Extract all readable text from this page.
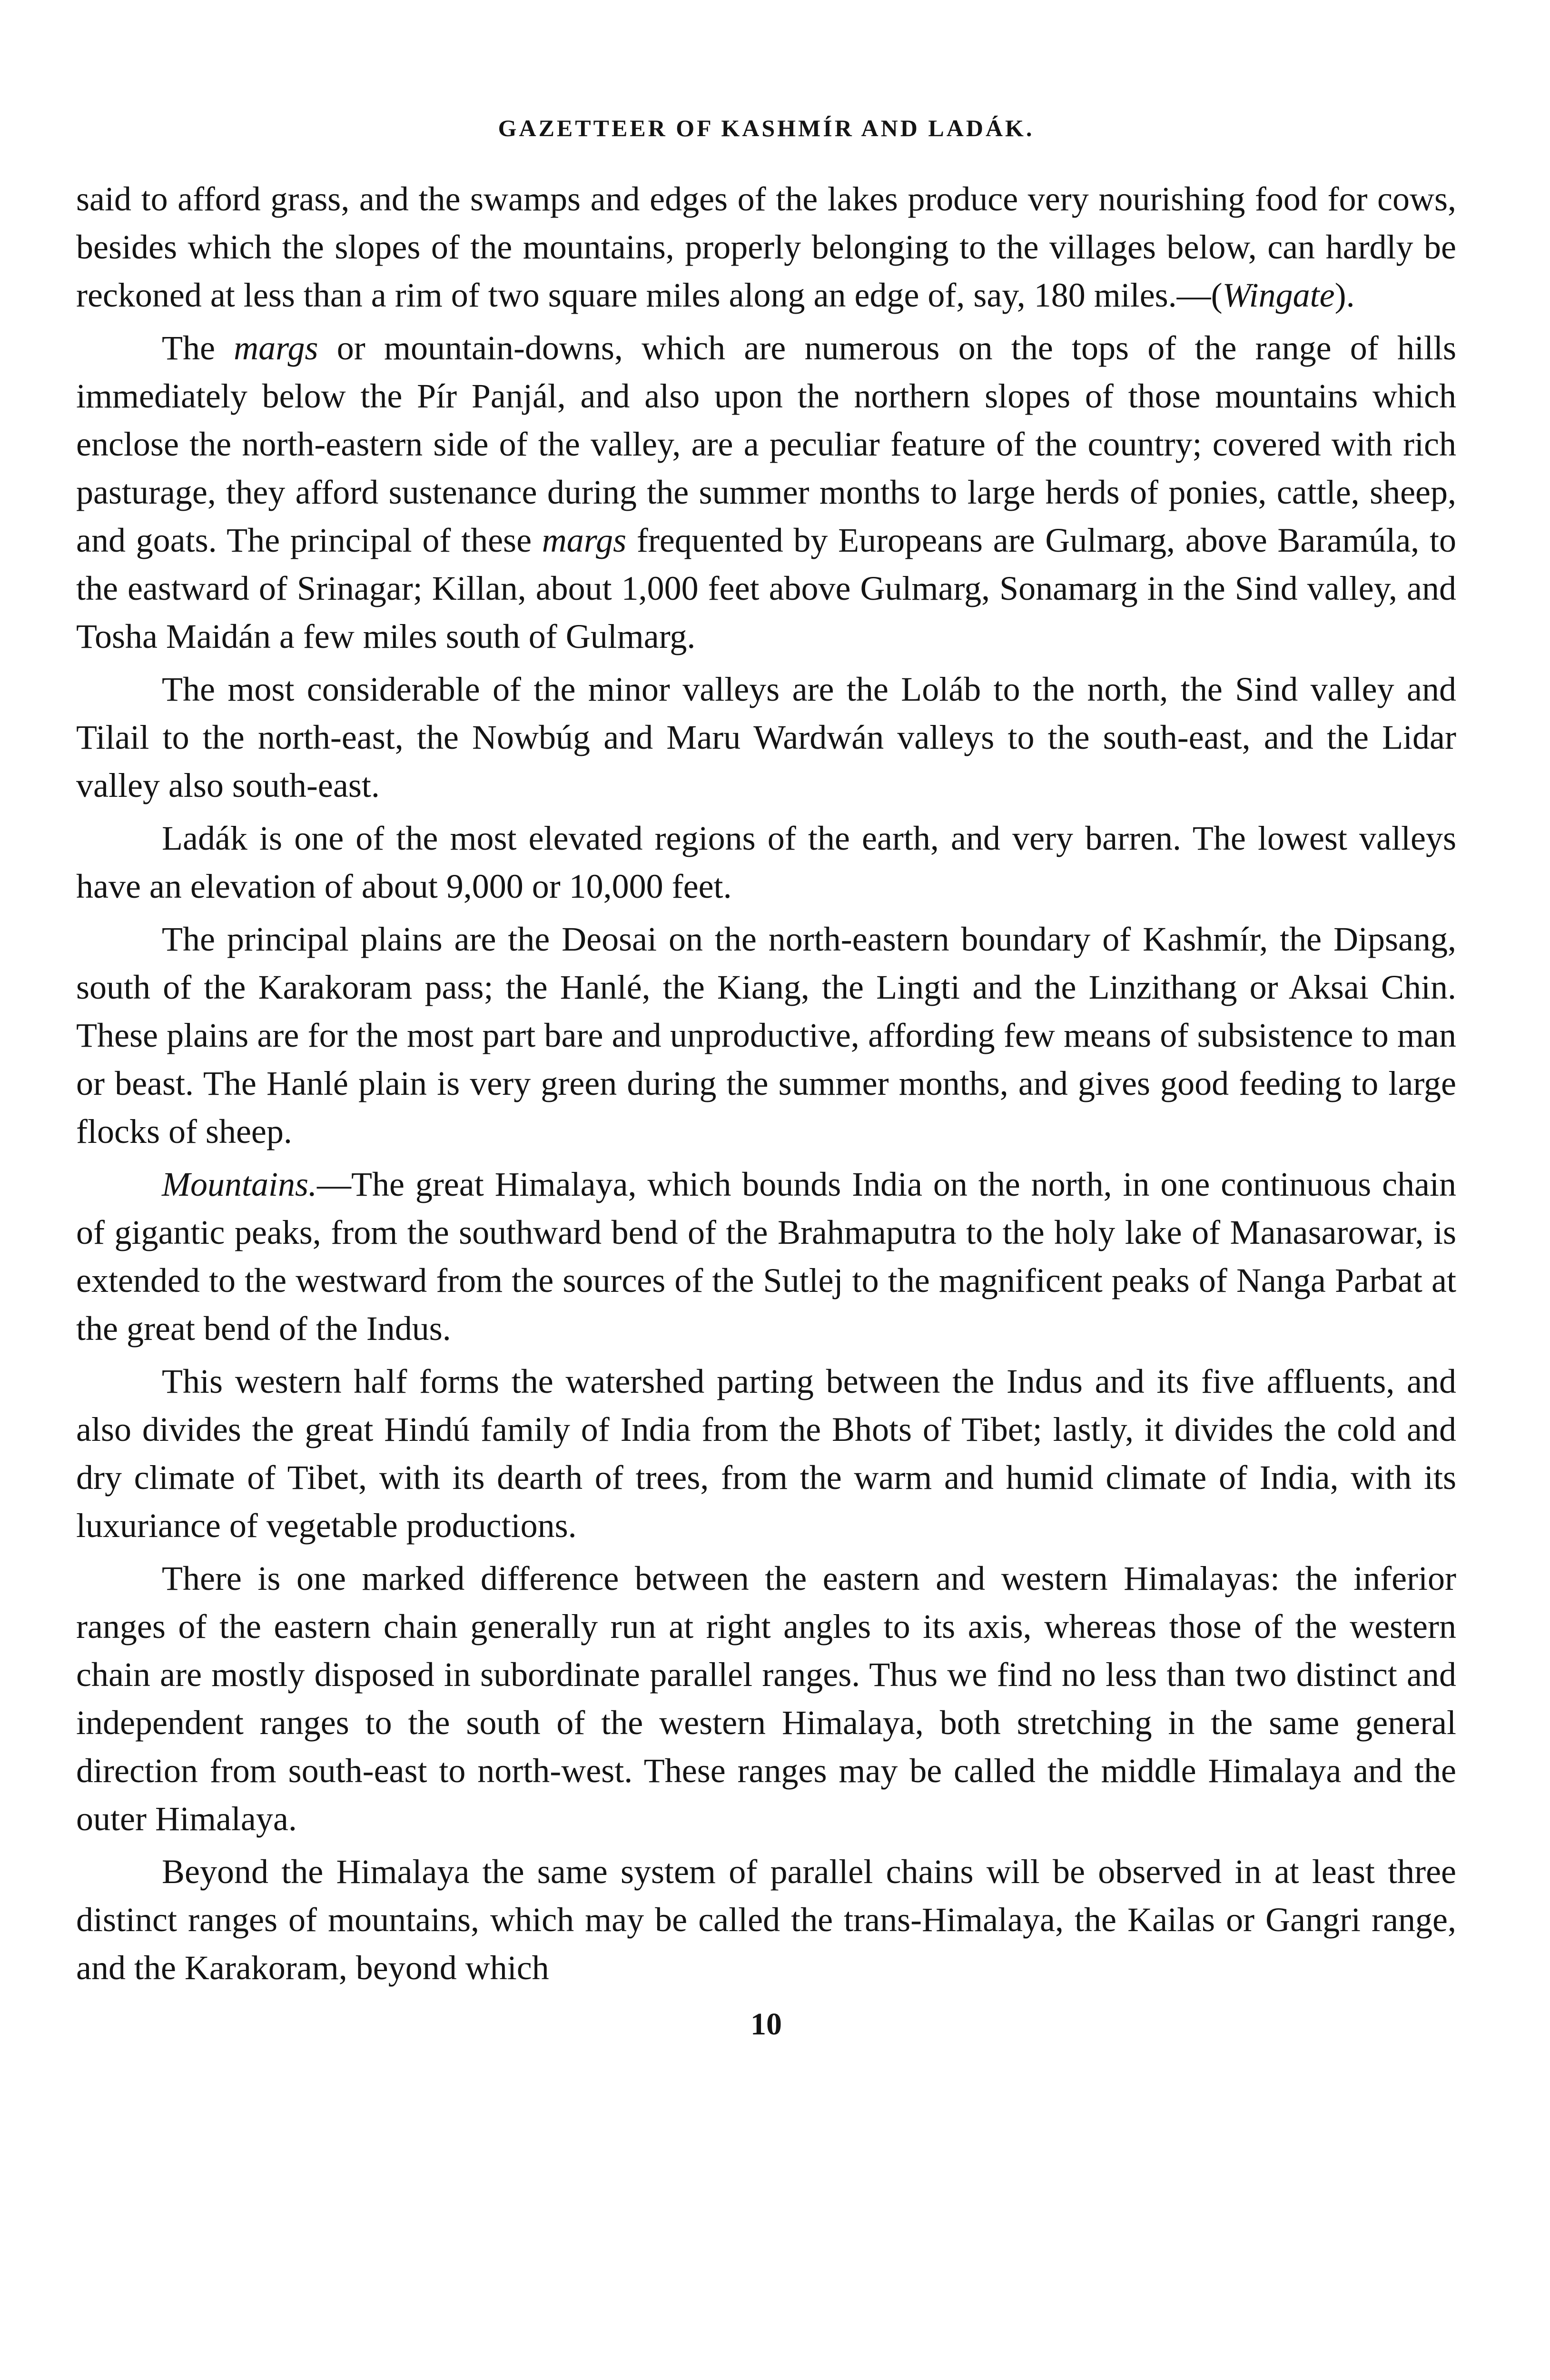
GAZETTEER OF KASHMÍR AND LADÁK.

said to afford grass, and the swamps and edges of the lakes produce very nourishing food for cows, besides which the slopes of the mountains, properly belonging to the villages below, can hardly be reckoned at less than a rim of two square miles along an edge of, say, 180 miles.—(Wingate).

The margs or mountain-downs, which are numerous on the tops of the range of hills immediately below the Pír Panjál, and also upon the northern slopes of those mountains which enclose the north-eastern side of the valley, are a peculiar feature of the country; covered with rich pasturage, they afford sustenance during the summer months to large herds of ponies, cattle, sheep, and goats. The principal of these margs frequented by Europeans are Gulmarg, above Baramúla, to the eastward of Srinagar; Killan, about 1,000 feet above Gulmarg, Sonamarg in the Sind valley, and Tosha Maidán a few miles south of Gulmarg.

The most considerable of the minor valleys are the Loláb to the north, the Sind valley and Tilail to the north-east, the Nowbúg and Maru Wardwán valleys to the south-east, and the Lidar valley also south-east.

Ladák is one of the most elevated regions of the earth, and very barren. The lowest valleys have an elevation of about 9,000 or 10,000 feet.

The principal plains are the Deosai on the north-eastern boundary of Kashmír, the Dipsang, south of the Karakoram pass; the Hanlé, the Kiang, the Lingti and the Linzithang or Aksai Chin. These plains are for the most part bare and unproductive, affording few means of subsistence to man or beast. The Hanlé plain is very green during the summer months, and gives good feeding to large flocks of sheep.

Mountains.—The great Himalaya, which bounds India on the north, in one continuous chain of gigantic peaks, from the southward bend of the Brahmaputra to the holy lake of Manasarowar, is extended to the westward from the sources of the Sutlej to the magnificent peaks of Nanga Parbat at the great bend of the Indus.

This western half forms the watershed parting between the Indus and its five affluents, and also divides the great Hindú family of India from the Bhots of Tibet; lastly, it divides the cold and dry climate of Tibet, with its dearth of trees, from the warm and humid climate of India, with its luxuriance of vegetable productions.

There is one marked difference between the eastern and western Himalayas: the inferior ranges of the eastern chain generally run at right angles to its axis, whereas those of the western chain are mostly disposed in subordinate parallel ranges. Thus we find no less than two distinct and independent ranges to the south of the western Himalaya, both stretching in the same general direction from south-east to north-west. These ranges may be called the middle Himalaya and the outer Himalaya.

Beyond the Himalaya the same system of parallel chains will be observed in at least three distinct ranges of mountains, which may be called the trans-Himalaya, the Kailas or Gangri range, and the Karakoram, beyond which

10
